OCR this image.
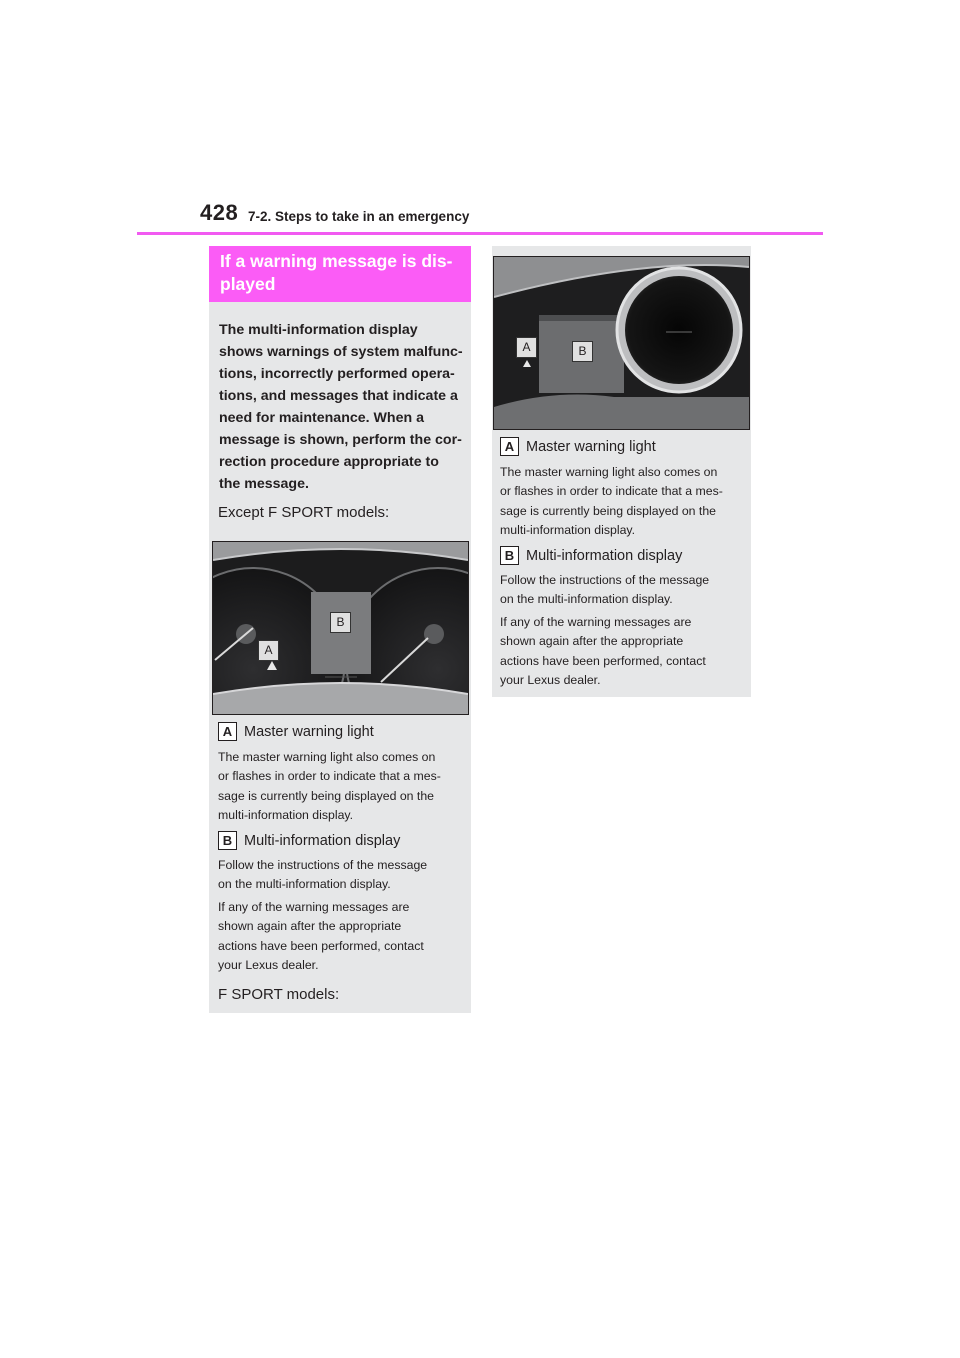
428 7-2. Steps to take in an emergency
If a warning message is dis-
played
The multi-information display
shows warnings of system malfunc-
tions, incorrectly performed opera-
tions, and messages that indicate a
need for maintenance. When a
message is shown, perform the cor-
rection procedure appropriate to
the message.
Except F SPORT models:
A
B
A Master warning light
The master warning light also comes on
or flashes in order to indicate that a mes-
sage is currently being displayed on the
multi-information display.
B Multi-information display
Follow the instructions of the message
on the multi-information display.
If any of the warning messages are
shown again after the appropriate
actions have been performed, contact
your Lexus dealer.
F SPORT models:
A	B
A Master warning light
The master warning light also comes on
or flashes in order to indicate that a mes-
sage is currently being displayed on the
multi-information display.
B Multi-information display
Follow the instructions of the message
on the multi-information display.
If any of the warning messages are
shown again after the appropriate
actions have been performed, contact
your Lexus dealer.
